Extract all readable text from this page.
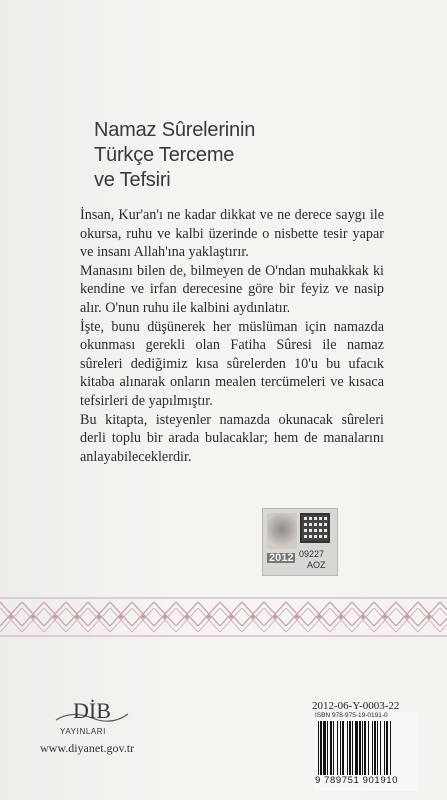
Namaz Sûrelerinin
Türkçe Terceme
ve Tefsiri

İnsan, Kur'an'ı ne kadar dikkat ve ne derece saygı ile okursa, ruhu ve kalbi üzerinde o nisbette tesir yapar ve insanı Allah'ına yaklaştırır.

Manasını bilen de, bilmeyen de O'ndan muhakkak ki kendine ve irfan derecesine göre bir feyiz ve nasip alır. O'nun ruhu ile kalbini aydınlatır.

İşte, bunu düşünerek her müslüman için namazda okunması gerekli olan Fatiha Sûresi ile namaz sûreleri dediğimiz kısa sûrelerden 10'u bu ufacık kitaba alınarak onların mealen tercümeleri ve kısaca tefsirleri de yapılmıştır.

Bu kitapta, isteyenler namazda okunacak sûreleri derli toplu bir arada bulacaklar; hem de manalarını anlayabileceklerdir.

2012 09227
AOZ
DİB
YAYINLARI
www.diyanet.gov.tr
2012-06-Y-0003-22
ISBN 978-975-19-0191-0
9 789751 901910
